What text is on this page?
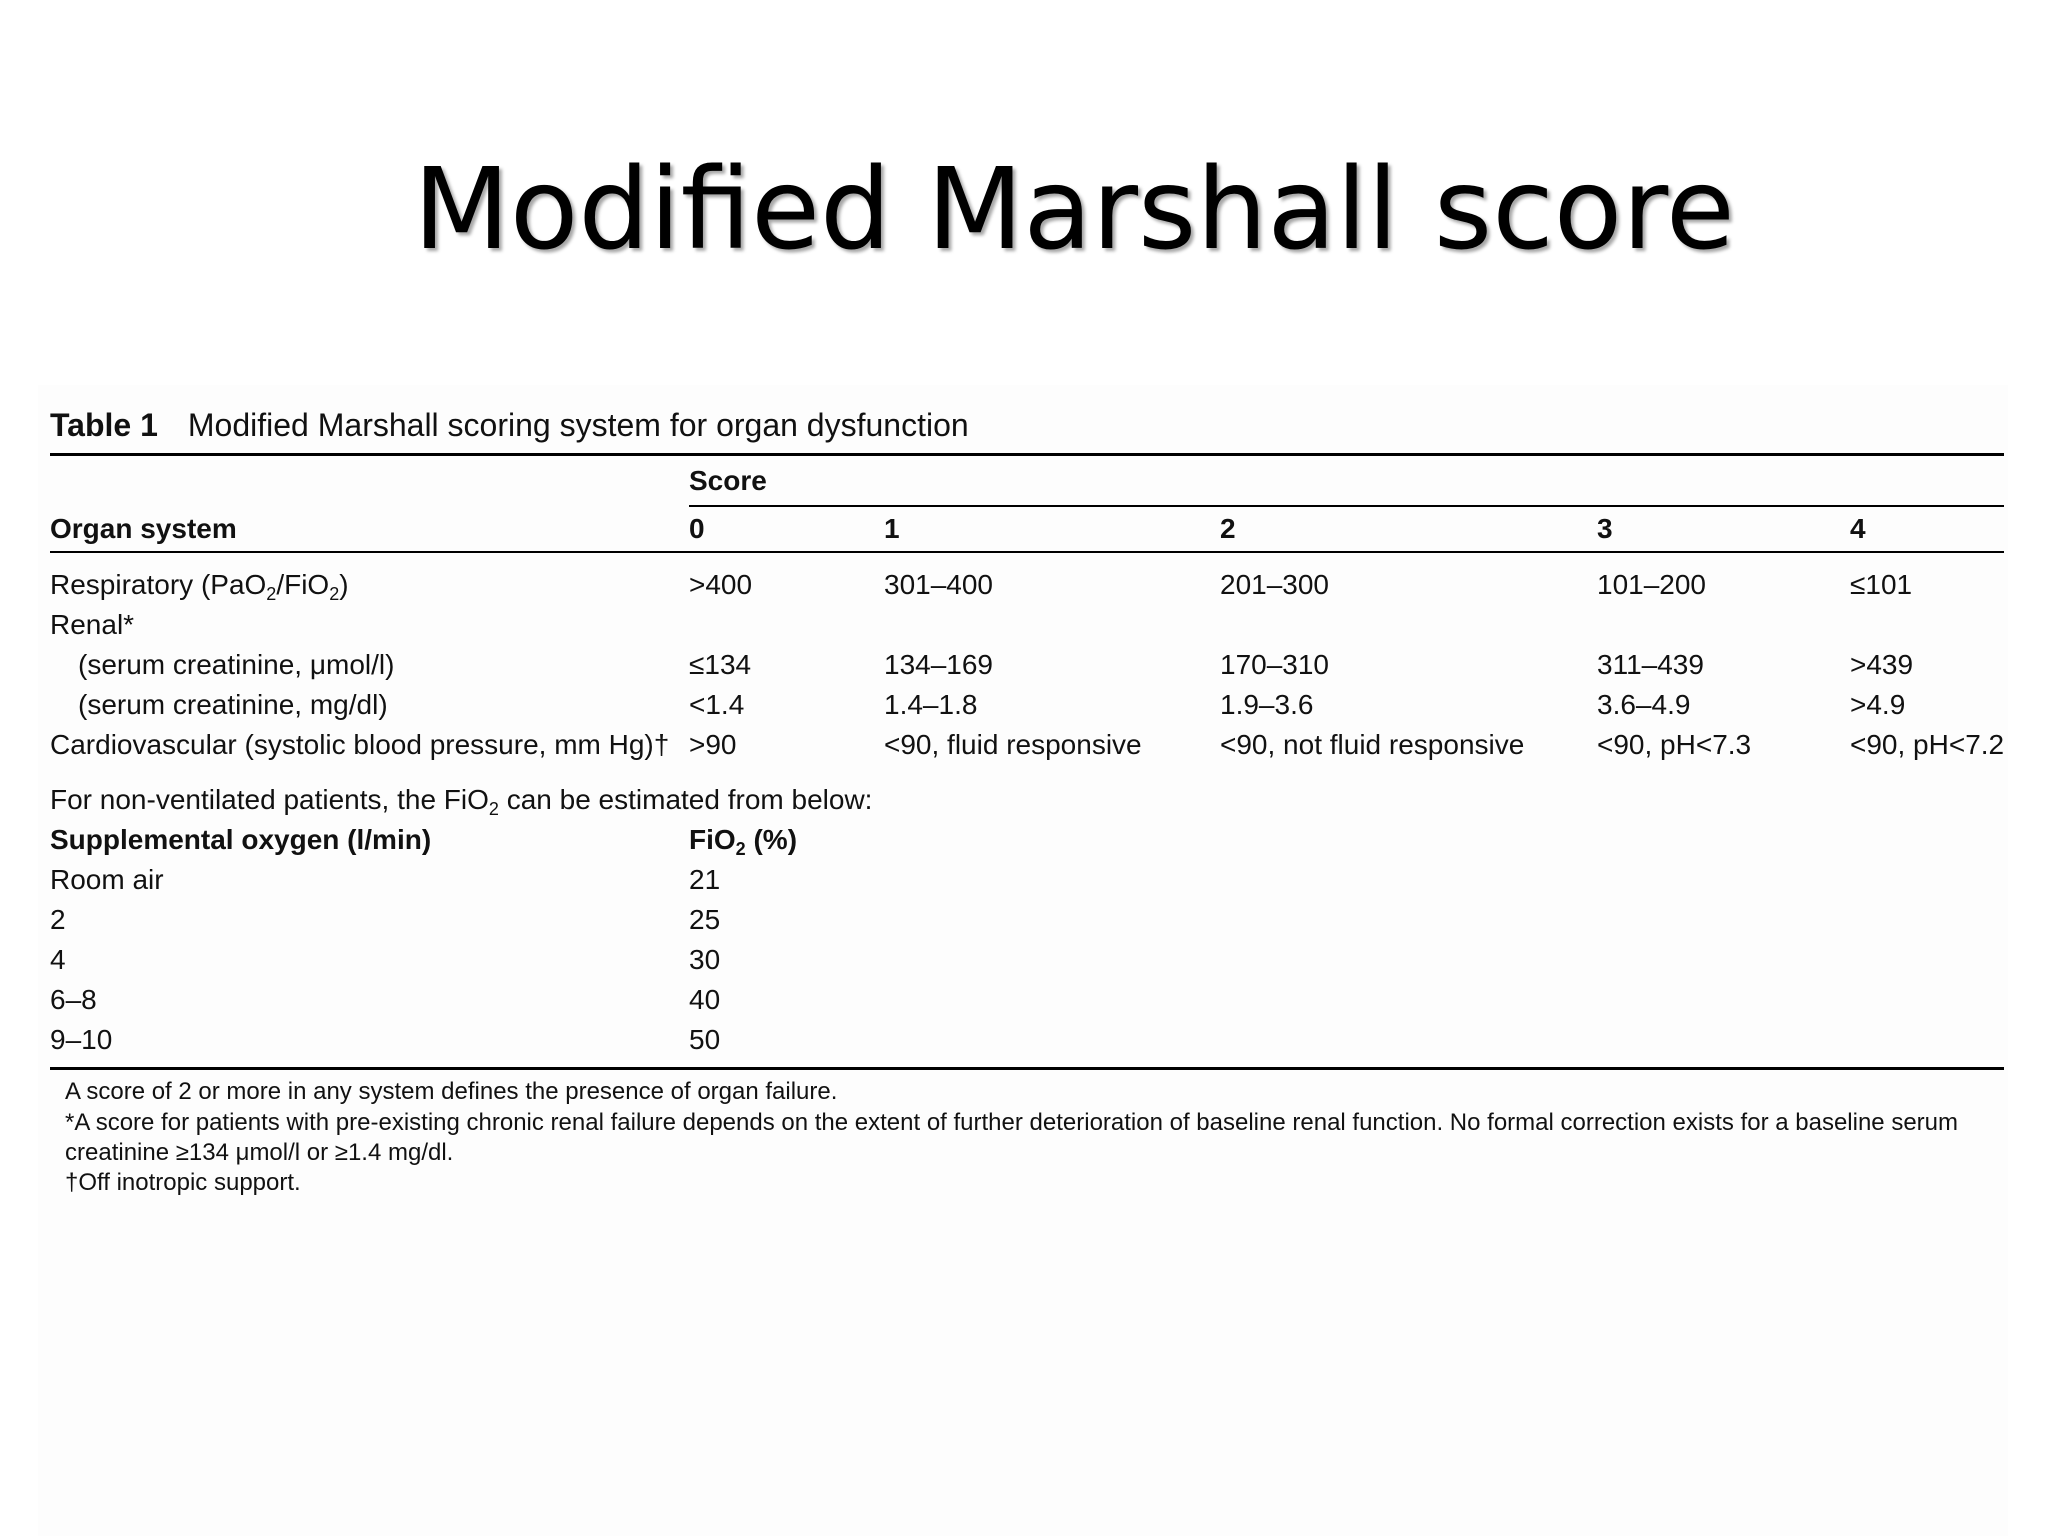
Modified Marshall score
Table 1 Modified Marshall scoring system for organ dysfunction
Score
Organ system	0	1	2	3	4
Respiratory (PaO$_2$/FiO$_2$)	>400	301–400	201–300	101–200	≤101
Renal*
(serum creatinine, μmol/l)	≤134	134–169	170–310	311–439	>439
(serum creatinine, mg/dl)	<1.4	1.4–1.8	1.9–3.6	3.6–4.9	>4.9
Cardiovascular (systolic blood pressure, mm Hg)† >90	<90, fluid responsive	<90, not fluid responsive	<90, pH<7.3	<90, pH<7.2
For non-ventilated patients, the FiO$_2$ can be estimated from below:
Supplemental oxygen (l/min)	FiO$_2$ (%)
Room air	21
2	25
4	30
6–8	40
9–10	50
A score of 2 or more in any system defines the presence of organ failure.
*A score for patients with pre-existing chronic renal failure depends on the extent of further deterioration of baseline renal function. No formal correction exists for a baseline serum
creatinine ≥134 μmol/l or ≥1.4 mg/dl.
†Off inotropic support.
